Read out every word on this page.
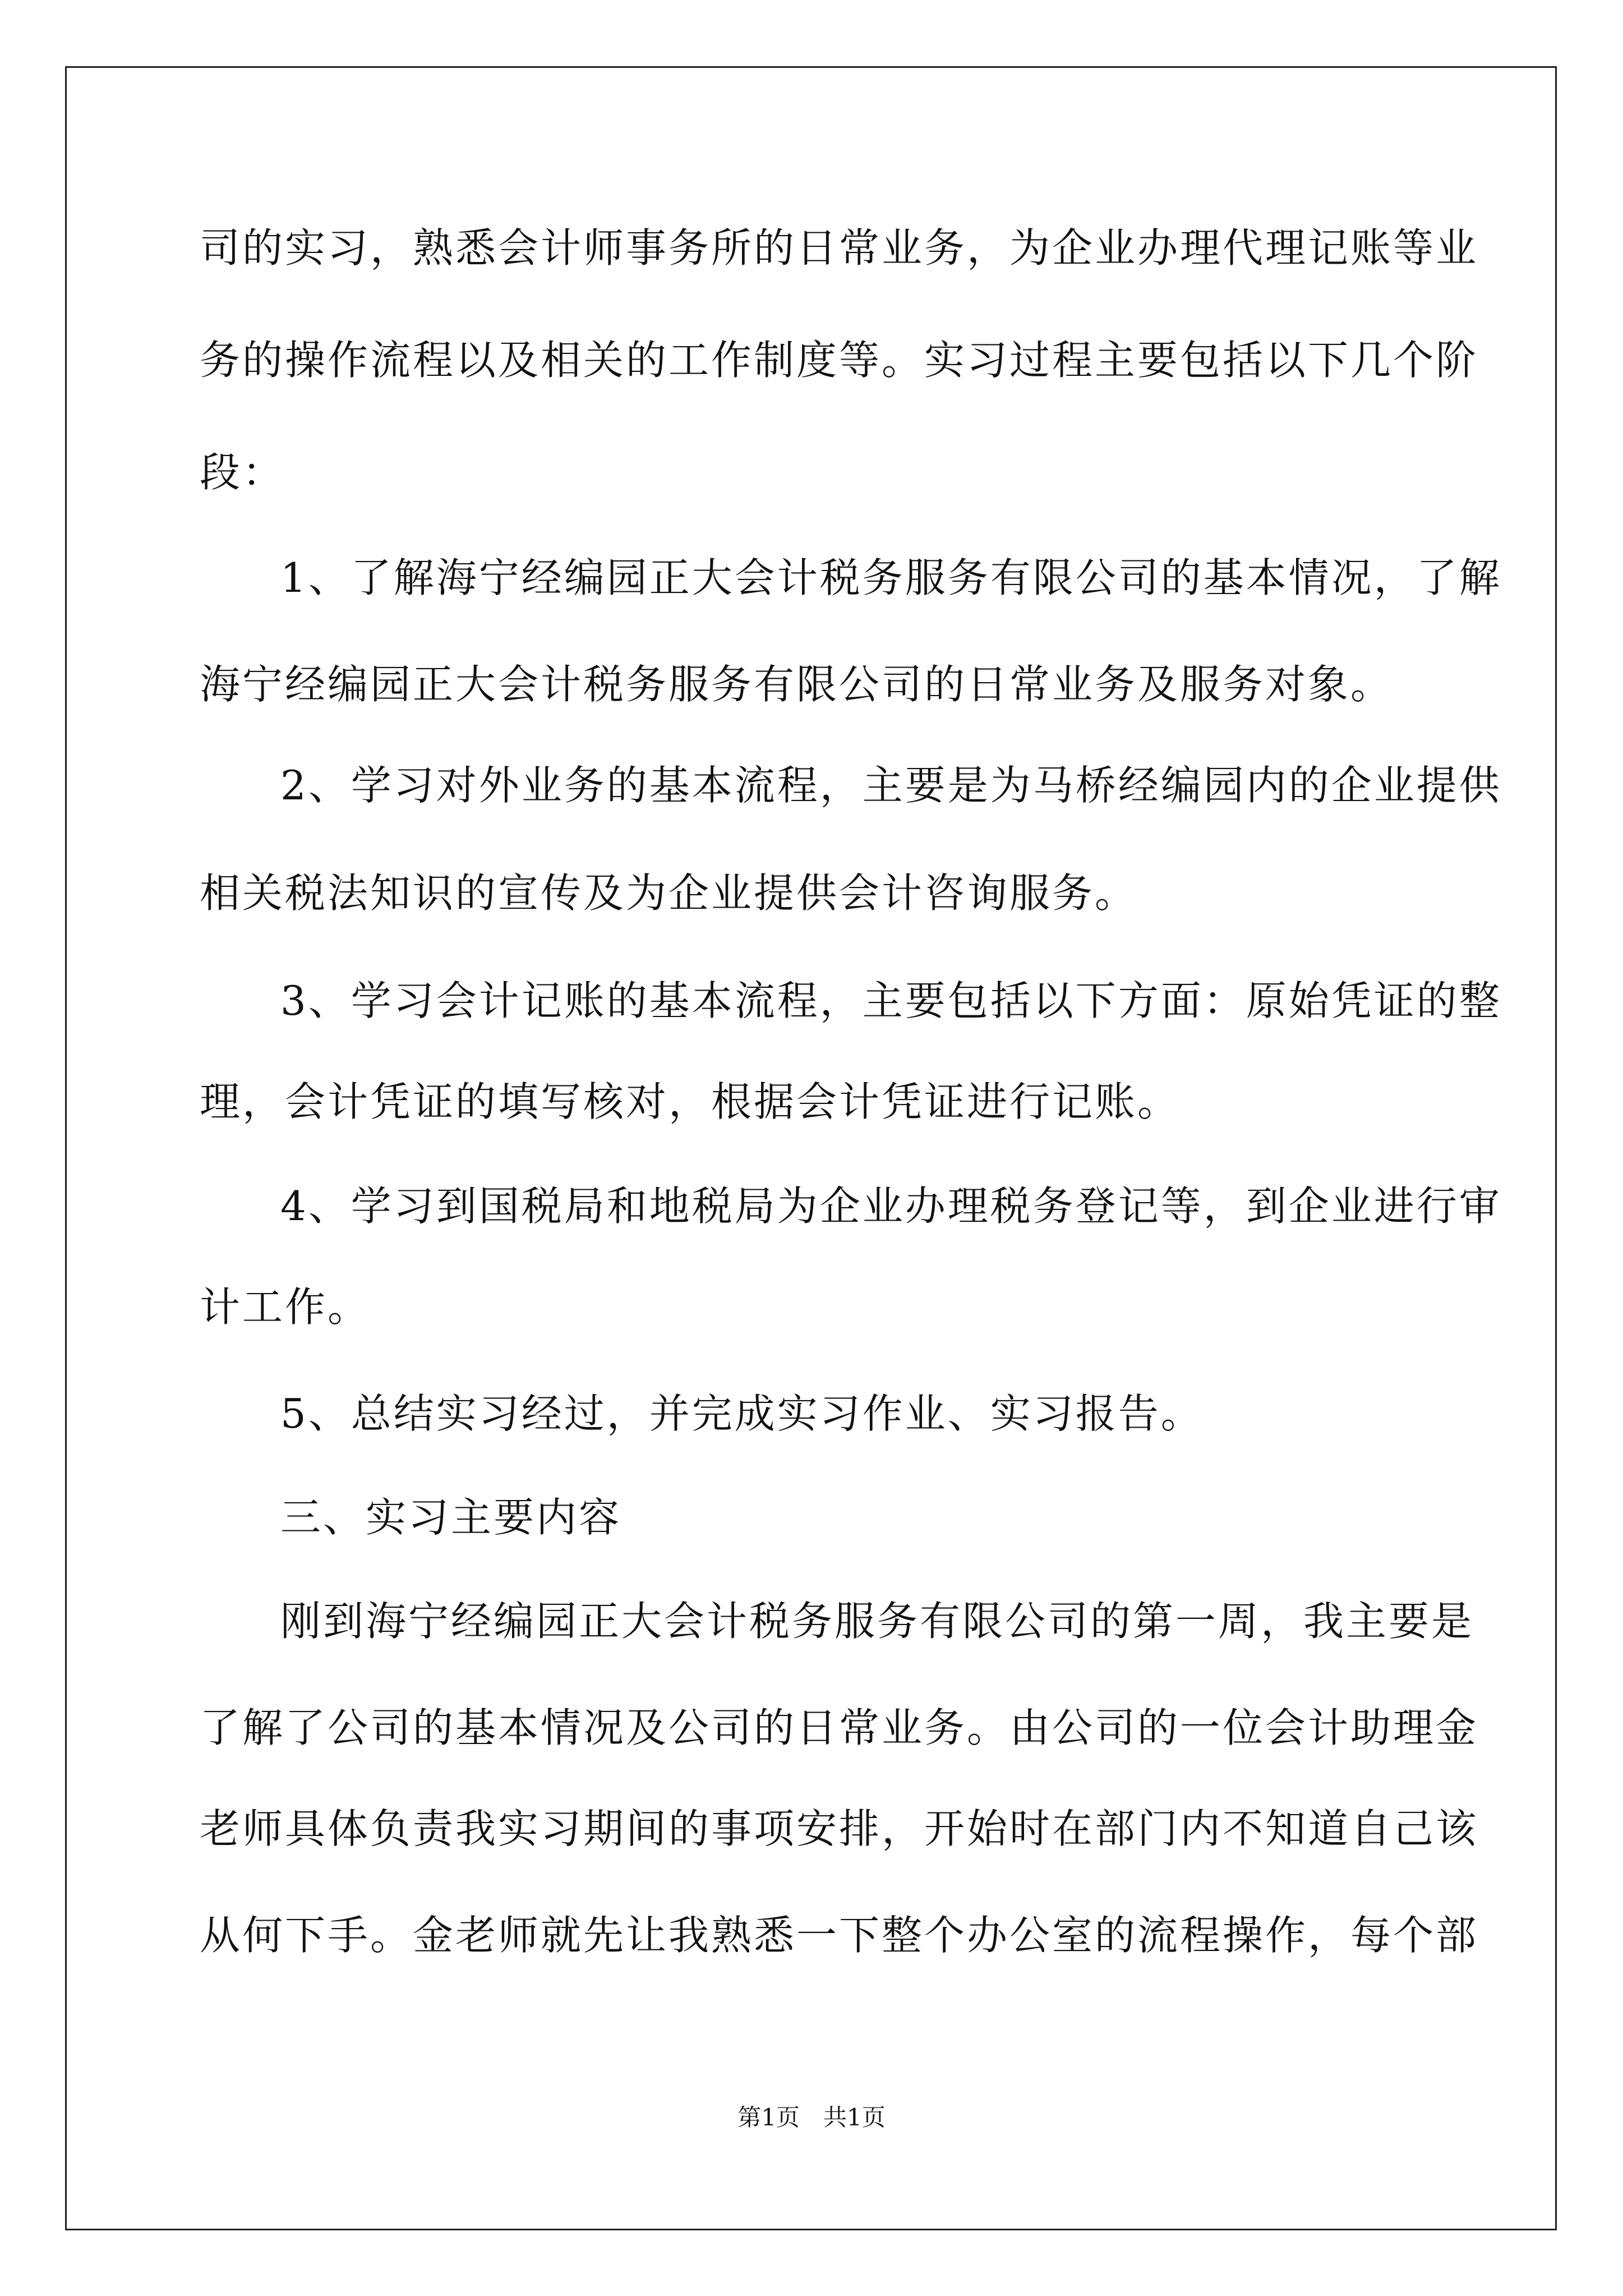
司的实习，熟悉会计师事务所的日常业务，为企业办理代理记账等业

务的操作流程以及相关的工作制度等。实习过程主要包括以下几个阶

段：

1、了解海宁经编园正大会计税务服务有限公司的基本情况，了解

海宁经编园正大会计税务服务有限公司的日常业务及服务对象。

2、学习对外业务的基本流程，主要是为马桥经编园内的企业提供

相关税法知识的宣传及为企业提供会计咨询服务。

3、学习会计记账的基本流程，主要包括以下方面：原始凭证的整

理，会计凭证的填写核对，根据会计凭证进行记账。

4、学习到国税局和地税局为企业办理税务登记等，到企业进行审

计工作。

5、总结实习经过，并完成实习作业、实习报告。

三、实习主要内容

刚到海宁经编园正大会计税务服务有限公司的第一周，我主要是

了解了公司的基本情况及公司的日常业务。由公司的一位会计助理金

老师具体负责我实习期间的事项安排，开始时在部门内不知道自己该

从何下手。金老师就先让我熟悉一下整个办公室的流程操作，每个部

第1页　共1页
